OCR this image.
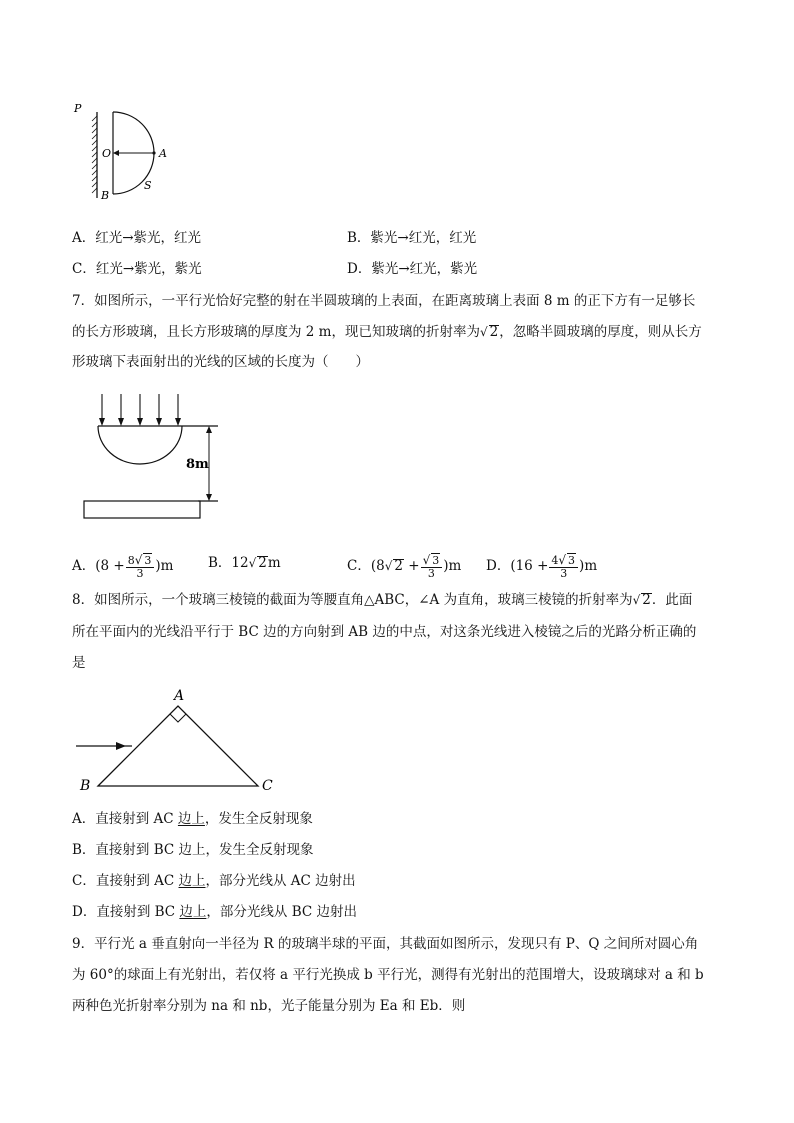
P
O	A
B
S
A．红光→紫光，红光	B．紫光→红光，红光
C．红光→紫光，紫光	D．紫光→红光，紫光
7．如图所示，一平行光恰好完整的射在半圆玻璃的上表面，在距离玻璃上表面 8 m 的正下方有一足够长
的长方形玻璃，且长方形玻璃的厚度为 2 m，现已知玻璃的折射率为√ 2，忽略半圆玻璃的厚度，则从长方
形玻璃下表面射出的光线的区域的长度为（　　）
8m
A．$(8 + \frac{8√ 3}{3} )m$	B．12√ 2m	C．(8√ $2 + \frac{√ 3}{3} )m$ D．$(16 + \frac{4√ 3}{3} )m$
8．如图所示，一个玻璃三棱镜的截面为等腰直角△ABC，∠A 为直角，玻璃三棱镜的折射率为√ 2．此面
所在平面内的光线沿平行于 BC 边的方向射到 AB 边的中点，对这条光线进入棱镜之后的光路分析正确的
是
A
B	C
A．直接射到 AC 边上，发生全反射现象
B．直接射到 BC 边上，发生全反射现象
C．直接射到 AC 边上，部分光线从 AC 边射出
D．直接射到 BC 边上，部分光线从 BC 边射出
9．平行光 a 垂直射向一半径为 R 的玻璃半球的平面，其截面如图所示，发现只有 P、Q 之间所对圆心角
为 60°的球面上有光射出，若仅将 a 平行光换成 b 平行光，测得有光射出的范围增大，设玻璃球对 a 和 b
两种色光折射率分别为 na 和 nb，光子能量分别为 Ea 和 Eb．则
